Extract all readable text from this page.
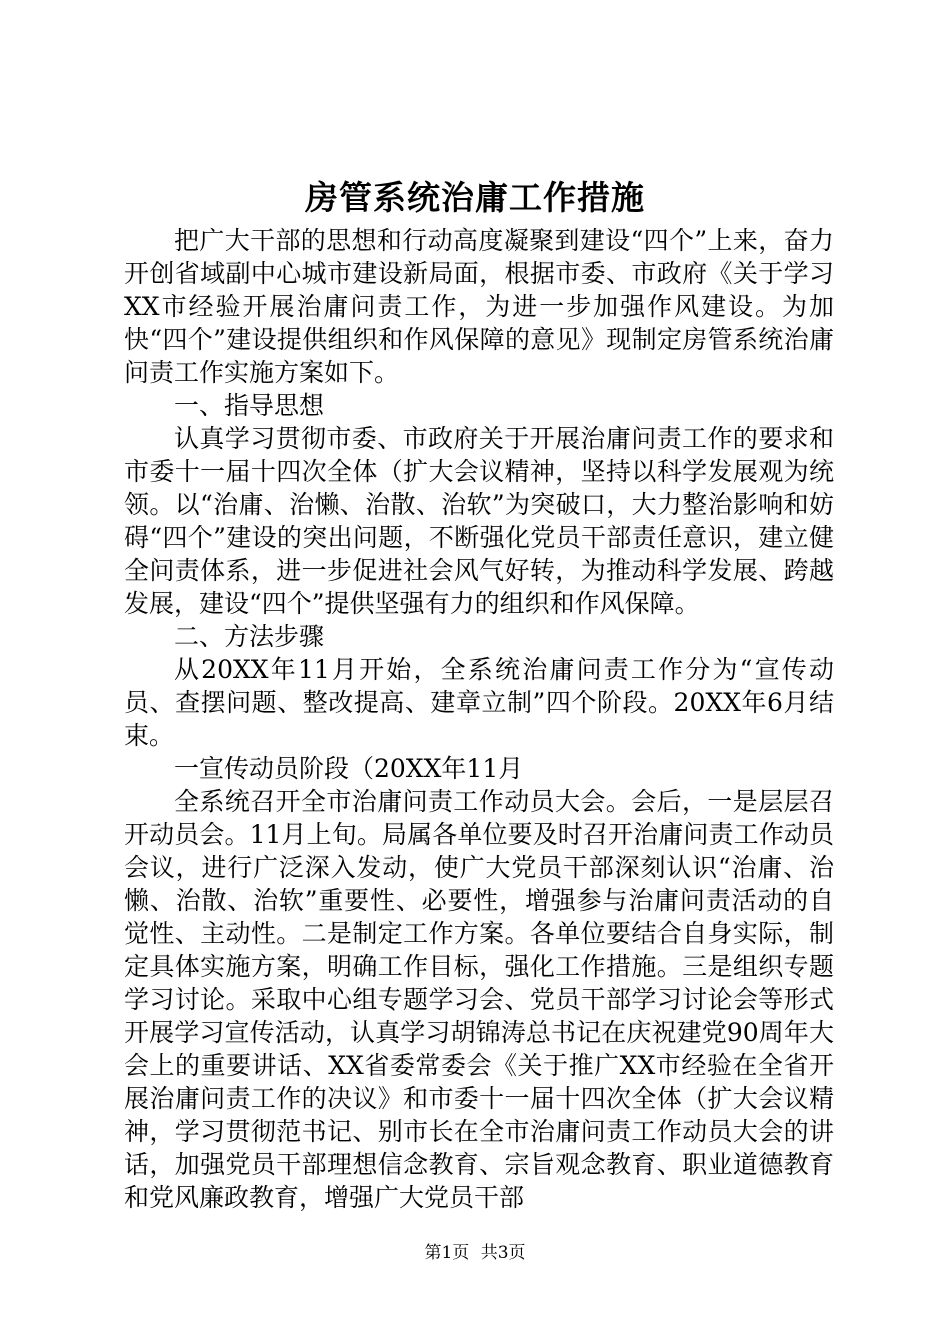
房管系统治庸工作措施

把广大干部的思想和行动高度凝聚到建设“四个”上来，奋力开创省域副中心城市建设新局面，根据市委、市政府《关于学习XX市经验开展治庸问责工作，为进一步加强作风建设。为加快“四个”建设提供组织和作风保障的意见》现制定房管系统治庸问责工作实施方案如下。

一、指导思想

认真学习贯彻市委、市政府关于开展治庸问责工作的要求和市委十一届十四次全体（扩大会议精神，坚持以科学发展观为统领。以“治庸、治懒、治散、治软”为突破口，大力整治影响和妨碍“四个”建设的突出问题，不断强化党员干部责任意识，建立健全问责体系，进一步促进社会风气好转，为推动科学发展、跨越发展，建设“四个”提供坚强有力的组织和作风保障。

二、方法步骤

从20XX年11月开始，全系统治庸问责工作分为“宣传动员、查摆问题、整改提高、建章立制”四个阶段。20XX年6月结束。

一宣传动员阶段（20XX年11月

全系统召开全市治庸问责工作动员大会。会后，一是层层召开动员会。11月上旬。局属各单位要及时召开治庸问责工作动员会议，进行广泛深入发动，使广大党员干部深刻认识“治庸、治懒、治散、治软”重要性、必要性，增强参与治庸问责活动的自觉性、主动性。二是制定工作方案。各单位要结合自身实际，制定具体实施方案，明确工作目标，强化工作措施。三是组织专题学习讨论。采取中心组专题学习会、党员干部学习讨论会等形式开展学习宣传活动，认真学习胡锦涛总书记在庆祝建党90周年大会上的重要讲话、XX省委常委会《关于推广XX市经验在全省开展治庸问责工作的决议》和市委十一届十四次全体（扩大会议精神，学习贯彻范书记、别市长在全市治庸问责工作动员大会的讲话，加强党员干部理想信念教育、宗旨观念教育、职业道德教育和党风廉政教育，增强广大党员干部

第1页 共3页
